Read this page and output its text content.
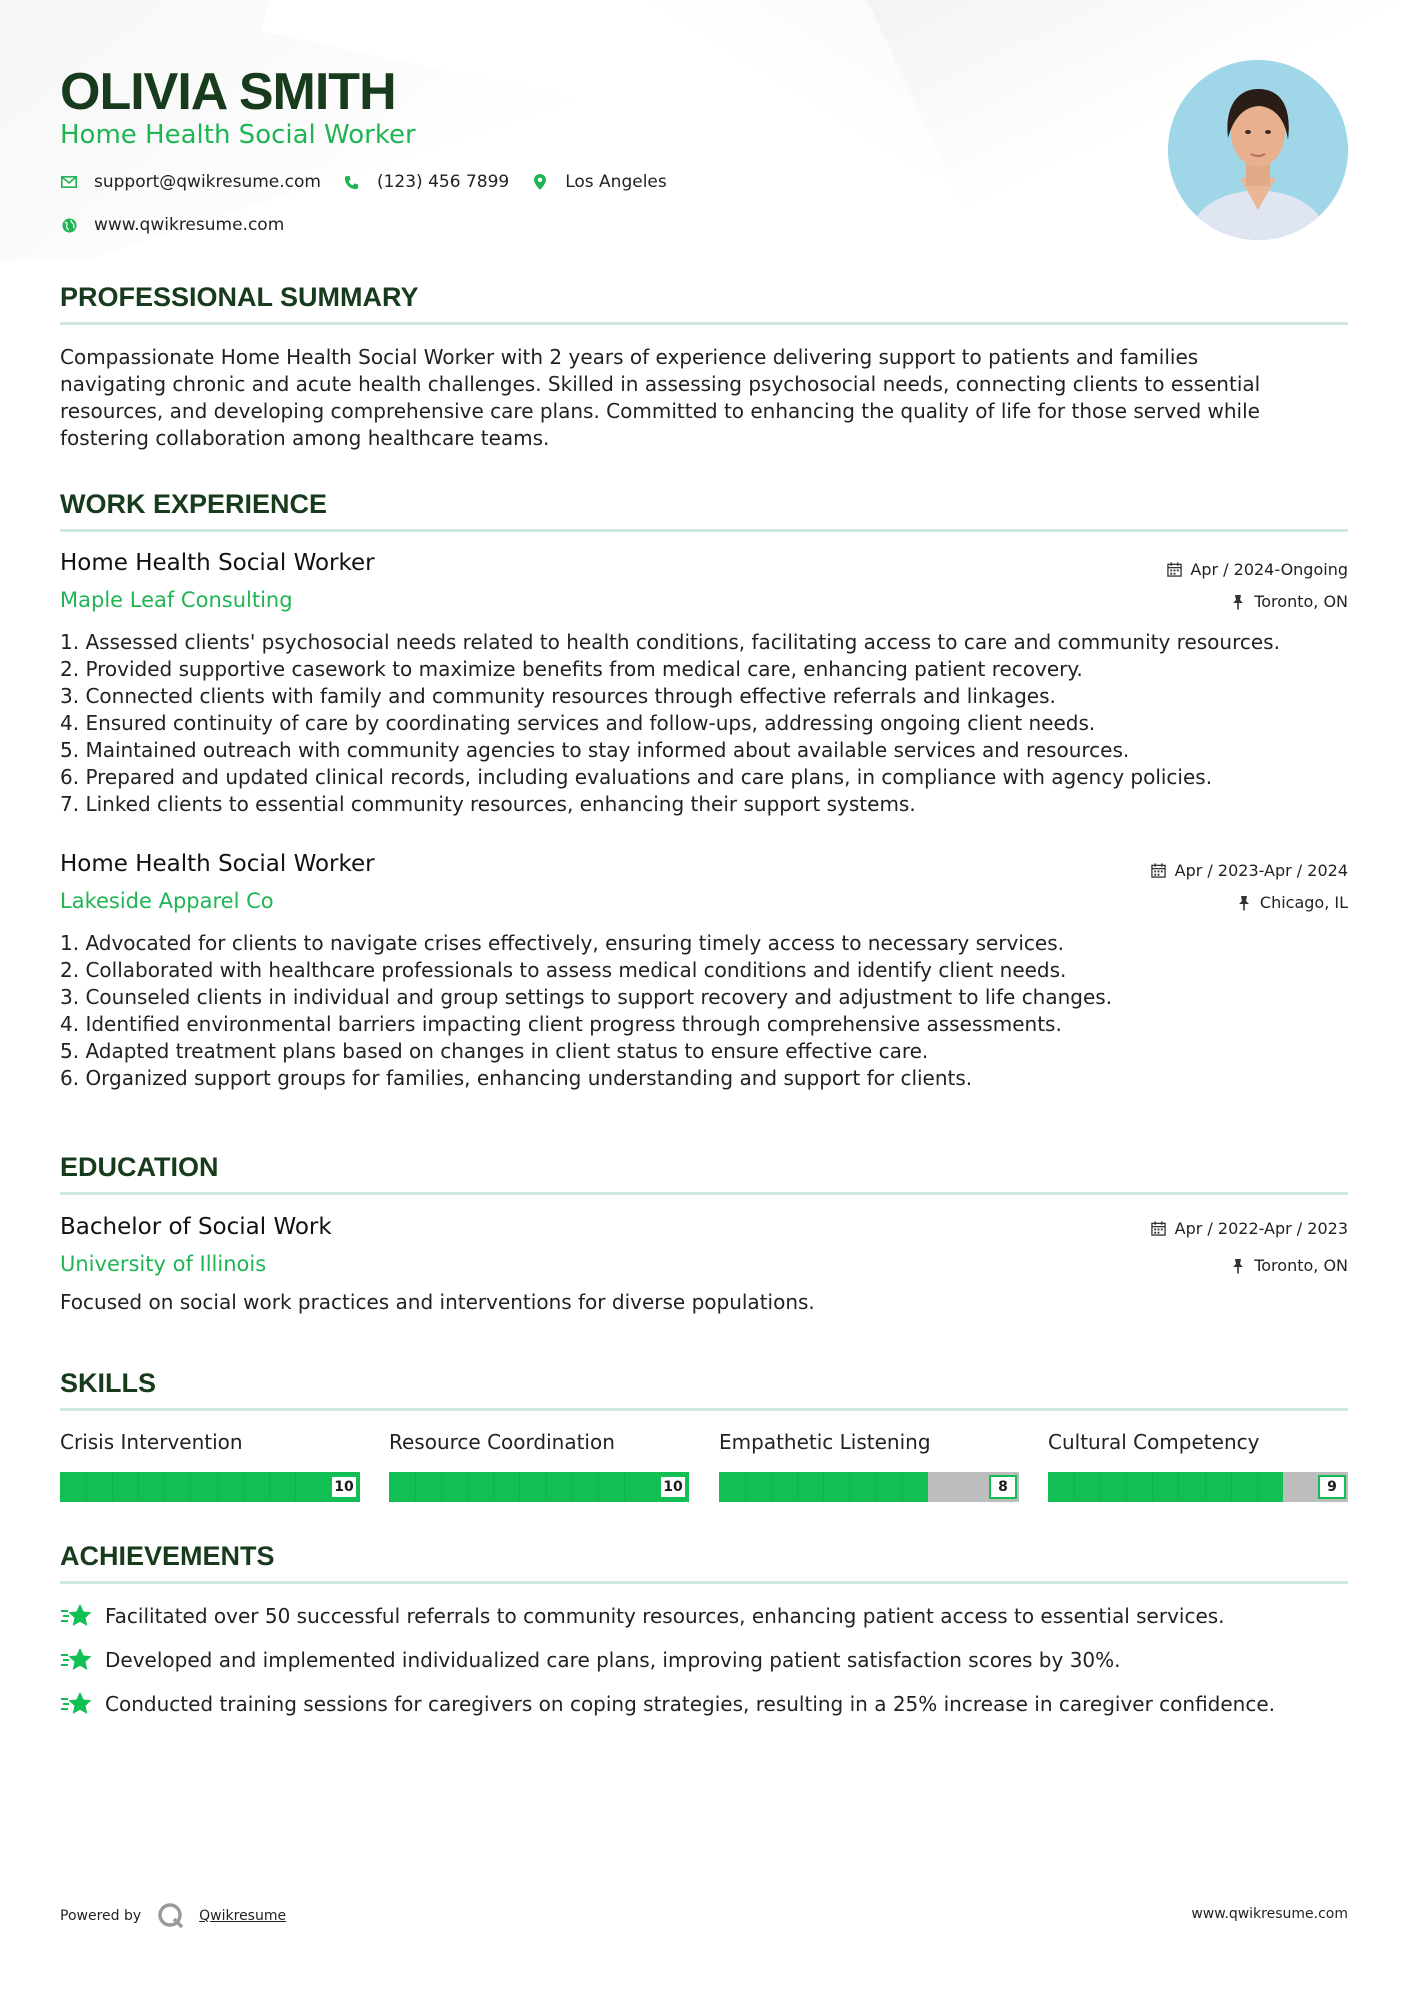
OLIVIA SMITH
Home Health Social Worker
support@qwikresume.com	(123) 456 7899	Los Angeles
www.qwikresume.com
PROFESSIONAL SUMMARY
Compassionate Home Health Social Worker with 2 years of experience delivering support to patients and families
navigating chronic and acute health challenges. Skilled in assessing psychosocial needs, connecting clients to essential
resources, and developing comprehensive care plans. Committed to enhancing the quality of life for those served while
fostering collaboration among healthcare teams.
WORK EXPERIENCE
Home Health Social Worker
Maple Leaf Consulting
Apr / 2024-Ongoing
Toronto, ON
1. Assessed clients' psychosocial needs related to health conditions, facilitating access to care and community resources.
2. Provided supportive casework to maximize benefits from medical care, enhancing patient recovery.
3. Connected clients with family and community resources through effective referrals and linkages.
4. Ensured continuity of care by coordinating services and follow-ups, addressing ongoing client needs.
5. Maintained outreach with community agencies to stay informed about available services and resources.
6. Prepared and updated clinical records, including evaluations and care plans, in compliance with agency policies.
7. Linked clients to essential community resources, enhancing their support systems.
Home Health Social Worker
Lakeside Apparel Co
Apr / 2023-Apr / 2024
Chicago, IL
1. Advocated for clients to navigate crises effectively, ensuring timely access to necessary services.
2. Collaborated with healthcare professionals to assess medical conditions and identify client needs.
3. Counseled clients in individual and group settings to support recovery and adjustment to life changes.
4. Identified environmental barriers impacting client progress through comprehensive assessments.
5. Adapted treatment plans based on changes in client status to ensure effective care.
6. Organized support groups for families, enhancing understanding and support for clients.
EDUCATION
Bachelor of Social Work
University of Illinois
Apr / 2022-Apr / 2023
Toronto, ON
Focused on social work practices and interventions for diverse populations.
SKILLS
Crisis Intervention
10
Resource Coordination
10
Empathetic Listening
8
Cultural Competency
9
ACHIEVEMENTS
Facilitated over 50 successful referrals to community resources, enhancing patient access to essential services.
Developed and implemented individualized care plans, improving patient satisfaction scores by 30%.
Conducted training sessions for caregivers on coping strategies, resulting in a 25% increase in caregiver confidence.
Powered by	Qwikresume	www.qwikresume.com
